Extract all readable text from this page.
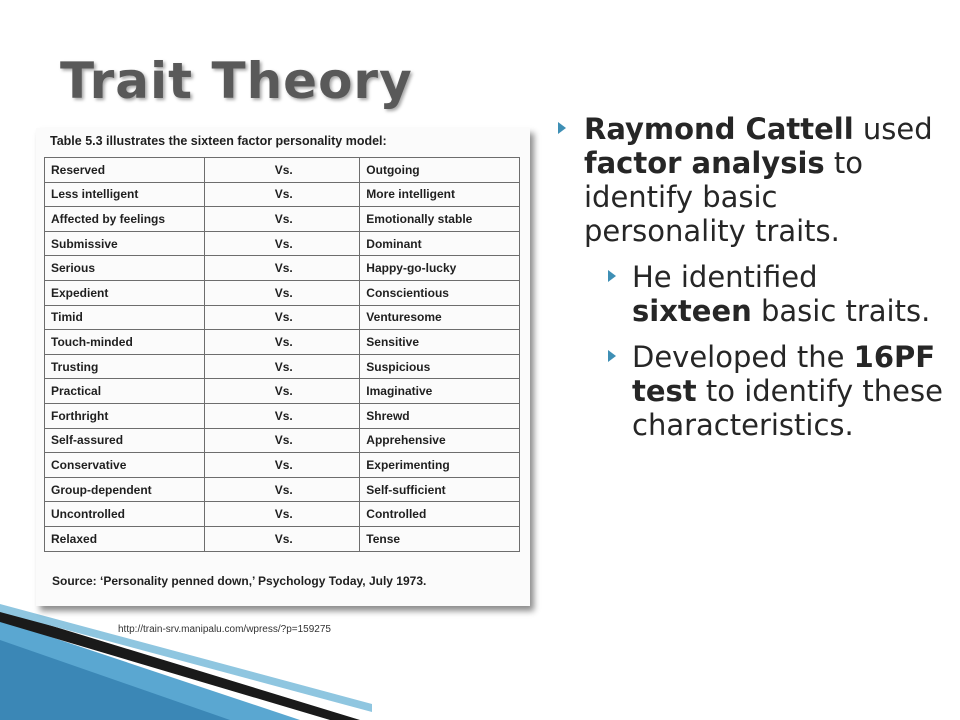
Trait Theory
Table 5.3 illustrates the sixteen factor personality model:
Reserved	Vs.	Outgoing
Less intelligent	Vs.	More intelligent
Affected by feelings	Vs.	Emotionally stable
Submissive	Vs.	Dominant
Serious	Vs.	Happy-go-lucky
Expedient	Vs.	Conscientious
Timid	Vs.	Venturesome
Touch-minded	Vs.	Sensitive
Trusting	Vs.	Suspicious
Practical	Vs.	Imaginative
Forthright	Vs.	Shrewd
Self-assured	Vs.	Apprehensive
Conservative	Vs.	Experimenting
Group-dependent	Vs.	Self-sufficient
Uncontrolled	Vs.	Controlled
Relaxed	Vs.	Tense
Source: ‘Personality penned down,’ Psychology Today, July 1973.
http://train-srv.manipalu.com/wpress/?p=159275
Raymond Cattell used factor analysis to identify basic personality traits.
He identified sixteen basic traits.
Developed the 16PF test to identify these characteristics.
